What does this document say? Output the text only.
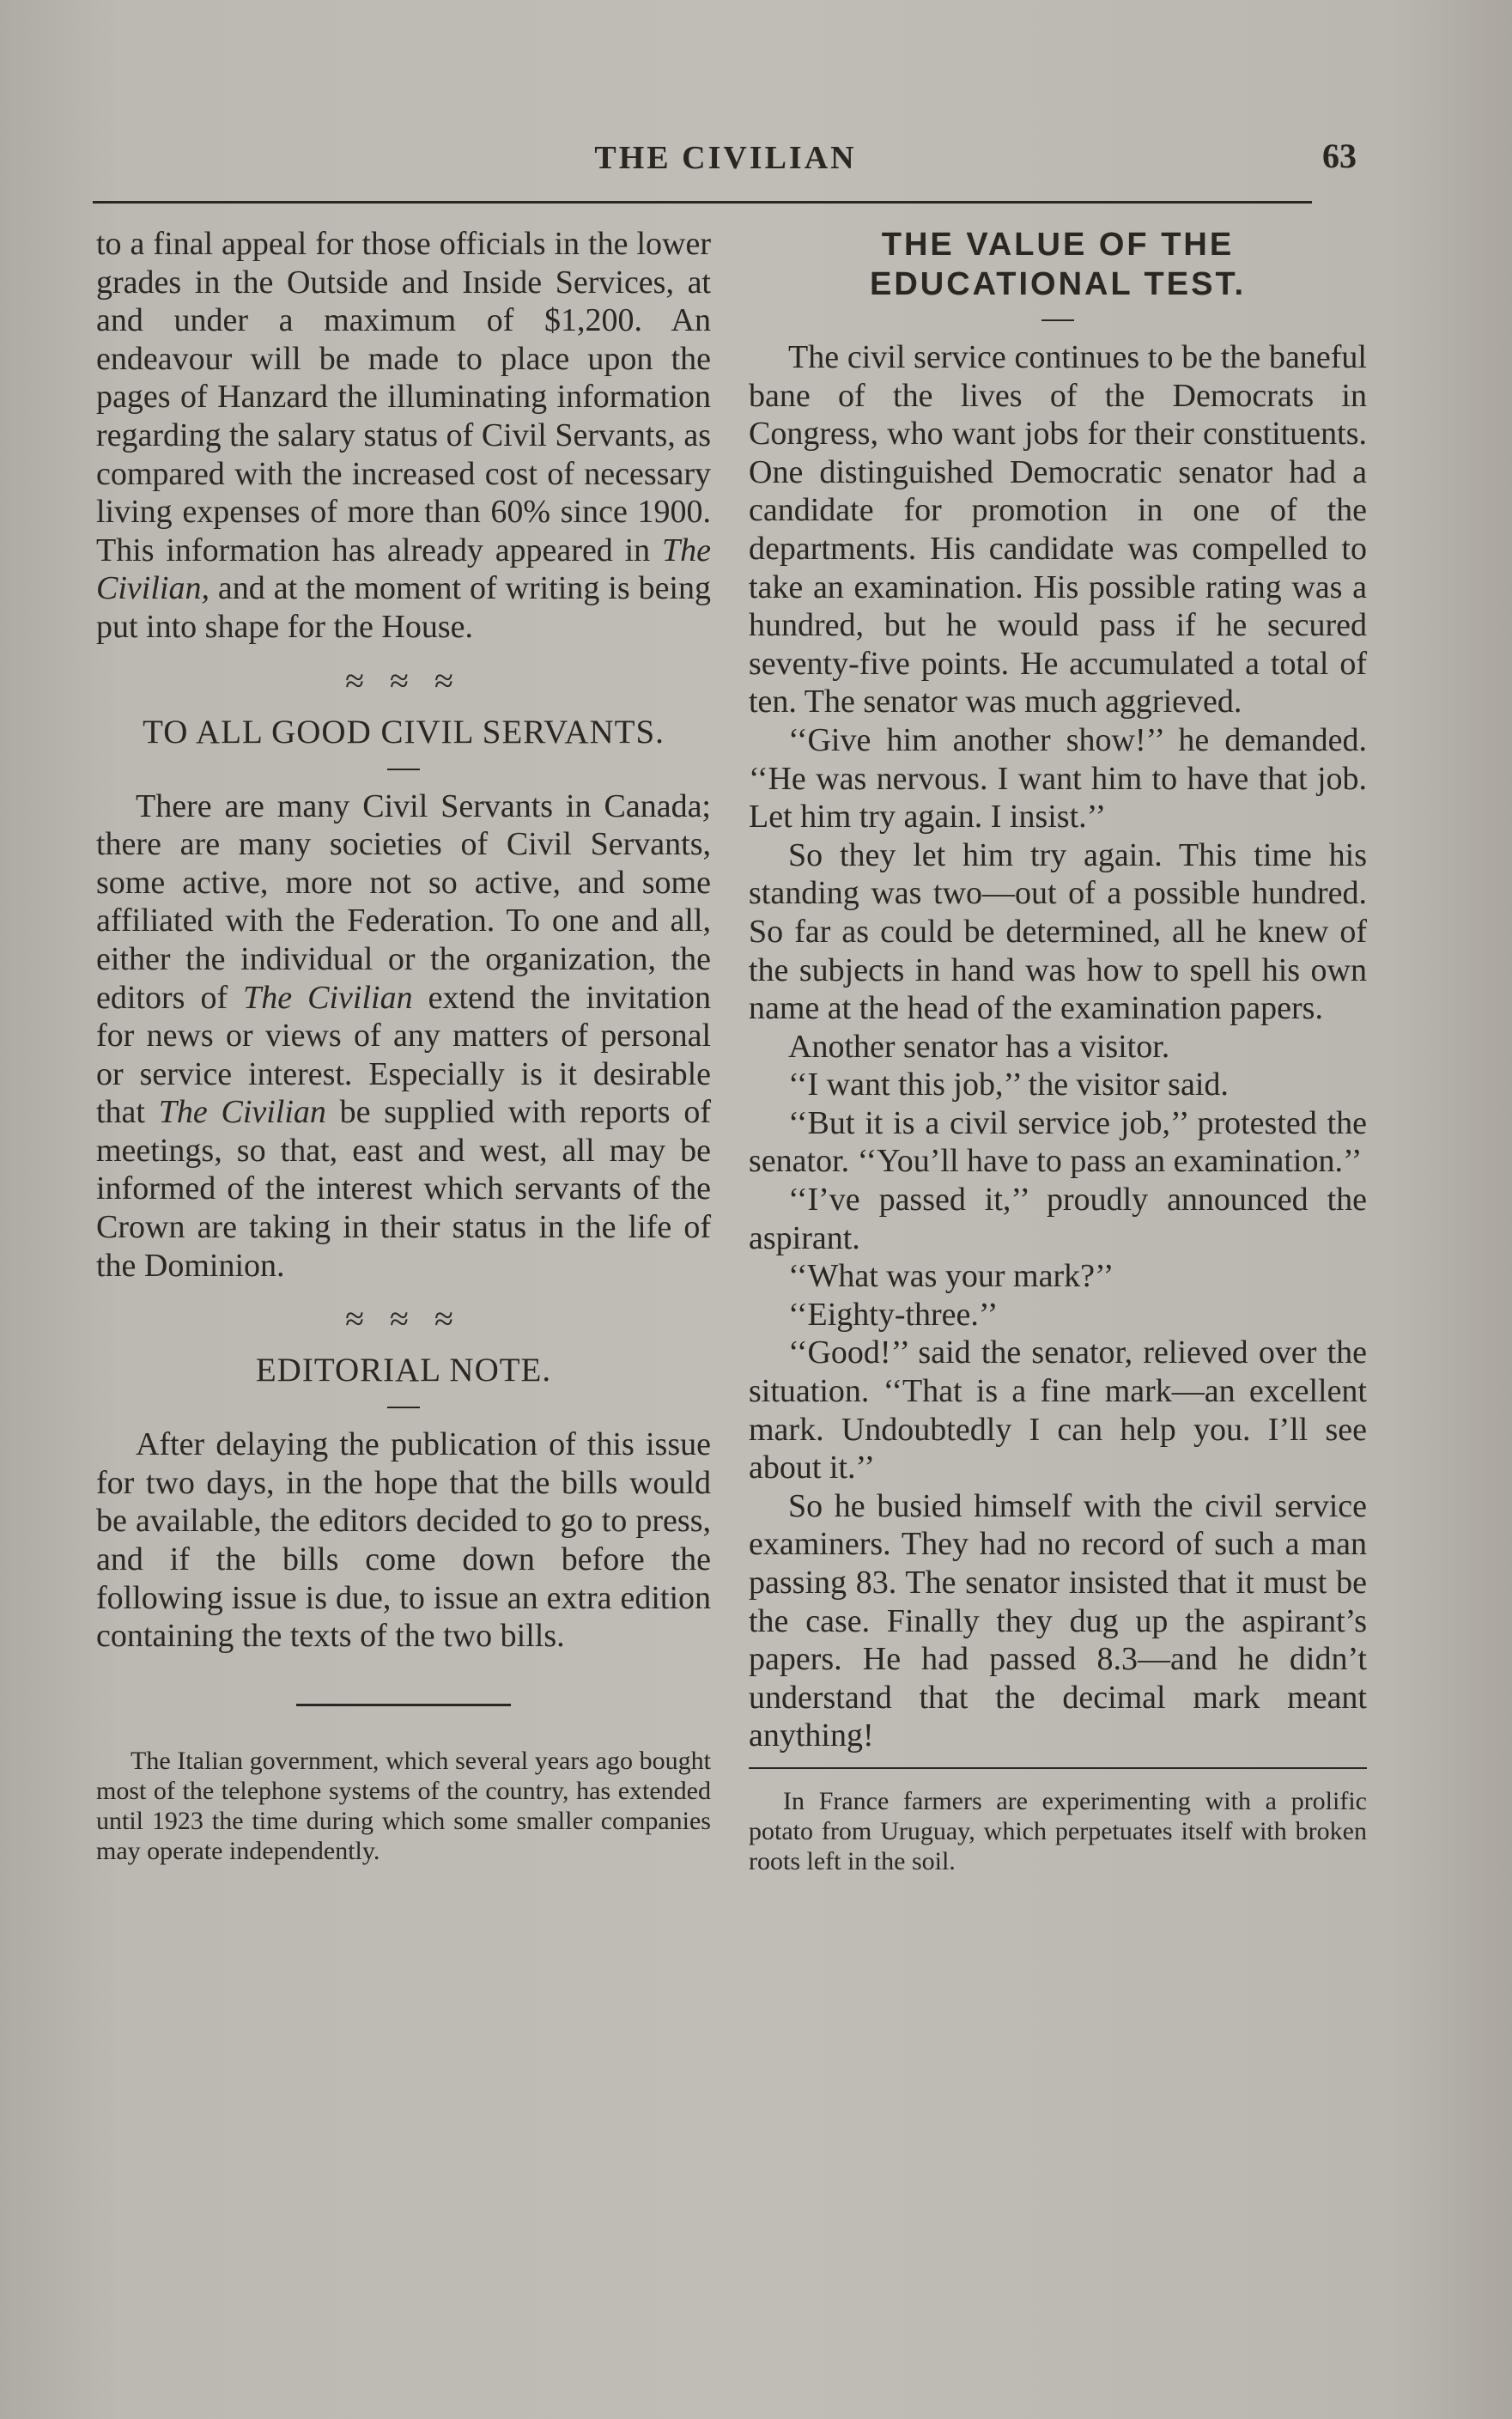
THE CIVILIAN	63

to a final appeal for those officials in the lower grades in the Outside and Inside Services, at and under a maximum of $1,200. An endeavour will be made to place upon the pages of Hanzard the illuminating information regarding the salary status of Civil Servants, as compared with the increased cost of necessary living expenses of more than 60% since 1900. This information has already appeared in The Civilian, and at the moment of writing is being put into shape for the House.

≈ ≈ ≈
TO ALL GOOD CIVIL SERVANTS.

There are many Civil Servants in Canada; there are many societies of Civil Servants, some active, more not so active, and some affiliated with the Federation. To one and all, either the individual or the organization, the editors of The Civilian extend the invitation for news or views of any matters of personal or service interest. Especially is it desirable that The Civilian be supplied with reports of meetings, so that, east and west, all may be informed of the interest which servants of the Crown are taking in their status in the life of the Dominion.

≈ ≈ ≈
EDITORIAL NOTE.

After delaying the publication of this issue for two days, in the hope that the bills would be available, the editors decided to go to press, and if the bills come down before the following issue is due, to issue an extra edition containing the texts of the two bills.

The Italian government, which several years ago bought most of the telephone systems of the country, has extended until 1923 the time during which some smaller companies may operate independently.

THE VALUE OF THE EDUCATIONAL TEST.

The civil service continues to be the baneful bane of the lives of the Democrats in Congress, who want jobs for their constituents. One distinguished Democratic senator had a candidate for promotion in one of the departments. His candidate was compelled to take an examination. His possible rating was a hundred, but he would pass if he secured seventy-five points. He accumulated a total of ten. The senator was much aggrieved.

‘‘Give him another show!’’ he demanded. ‘‘He was nervous. I want him to have that job. Let him try again. I insist.’’

So they let him try again. This time his standing was two—out of a possible hundred. So far as could be determined, all he knew of the subjects in hand was how to spell his own name at the head of the examination papers.

Another senator has a visitor.

‘‘I want this job,’’ the visitor said.

‘‘But it is a civil service job,’’ protested the senator. ‘‘You’ll have to pass an examination.’’

‘‘I’ve passed it,’’ proudly announced the aspirant.

‘‘What was your mark?’’

‘‘Eighty-three.’’

‘‘Good!’’ said the senator, relieved over the situation. ‘‘That is a fine mark—an excellent mark. Undoubtedly I can help you. I’ll see about it.’’

So he busied himself with the civil service examiners. They had no record of such a man passing 83. The senator insisted that it must be the case. Finally they dug up the aspirant’s papers. He had passed 8.3—and he didn’t understand that the decimal mark meant anything!

In France farmers are experimenting with a prolific potato from Uruguay, which perpetuates itself with broken roots left in the soil.
